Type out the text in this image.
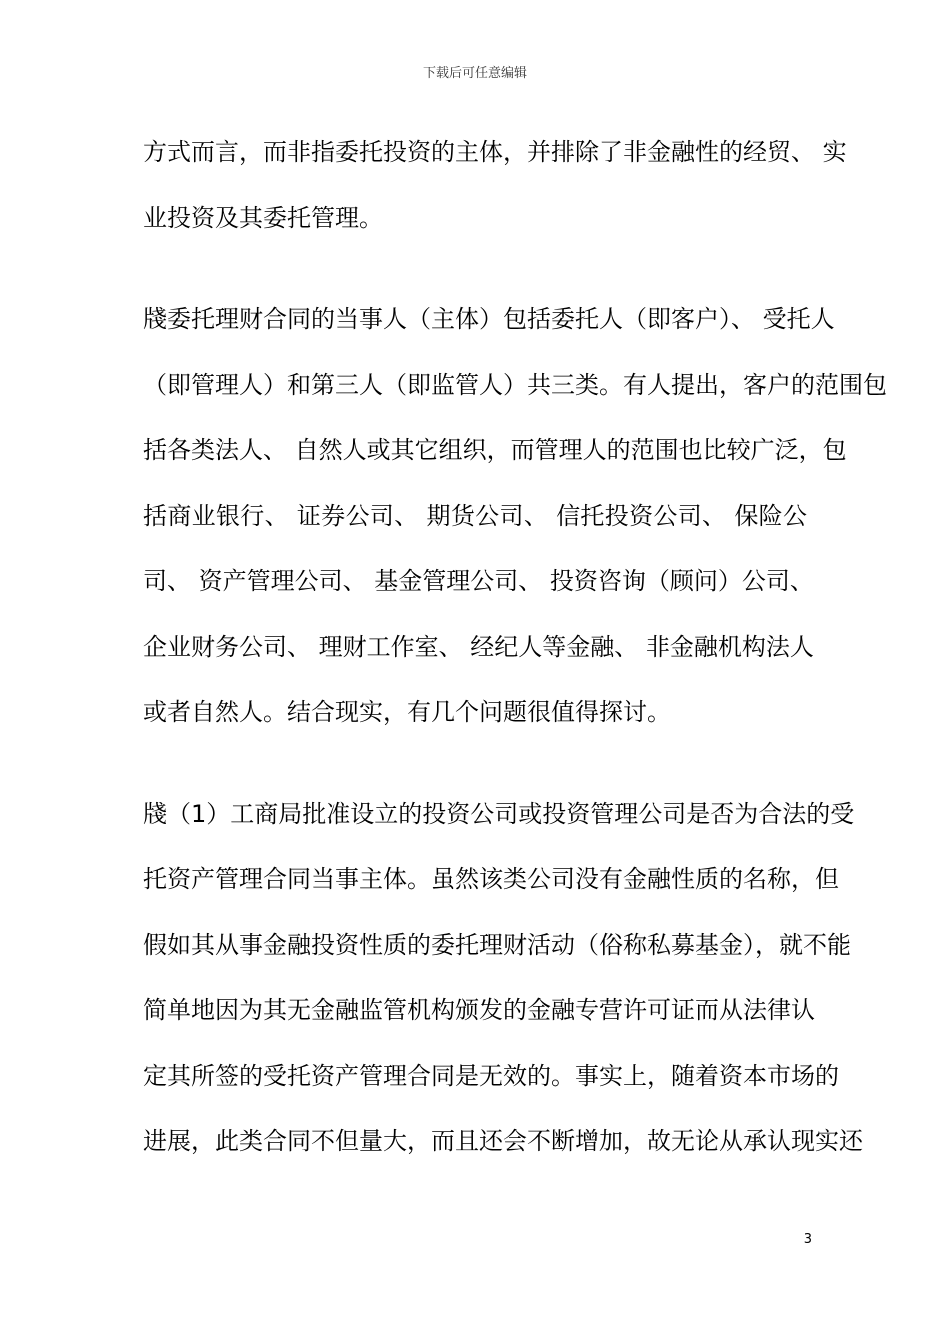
下载后可任意编辑
方式而言，而非指委托投资的主体，并排除了非金融性的经贸、 实
业投资及其委托管理。
牋委托理财合同的当事人（主体）包括委托人（即客户）、 受托人
（即管理人）和第三人（即监管人）共三类。有人提出，客户的范围包
括各类法人、 自然人或其它组织，而管理人的范围也比较广泛，包
括商业银行、 证券公司、 期货公司、 信托投资公司、 保险公
司、 资产管理公司、 基金管理公司、 投资咨询（顾问）公司、
企业财务公司、 理财工作室、 经纪人等金融、 非金融机构法人
或者自然人。结合现实，有几个问题很值得探讨。
牋（1）工商局批准设立的投资公司或投资管理公司是否为合法的受
托资产管理合同当事主体。虽然该类公司没有金融性质的名称，但
假如其从事金融投资性质的委托理财活动（俗称私募基金），就不能
简单地因为其无金融监管机构颁发的金融专营许可证而从法律认
定其所签的受托资产管理合同是无效的。事实上，随着资本市场的
进展，此类合同不但量大，而且还会不断增加，故无论从承认现实还
3
